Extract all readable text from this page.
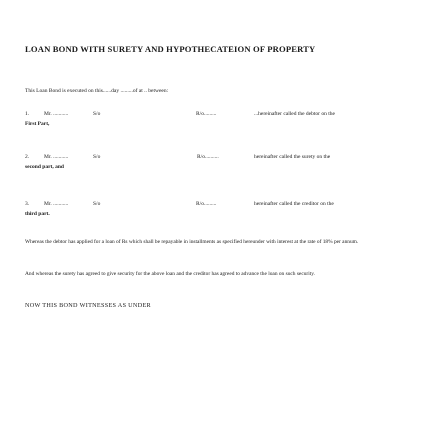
LOAN BOND WITH SURETY AND HYPOTHECATEION OF PROPERTY
This Loan Bond is executed on this......day .........of at .. between:
1.	Mr. ...........	S/o	R/o.........	...hereinafter called the debtor on the
First Part,
2.	Mr. ...........	S/o	R/o..........	hereinafter called the surety on the
second part, and
3.	Mr. ...........	S/o	R/o.........	hereinafter called the creditor on the
third part.
Whereas the debtor has applied for a loan of Rs which shall be repayable in installments as specified hereunder with interest at the rate of 18% per annum.
And whereas the surety has agreed to give security for the above loan and the creditor has agreed to advance the loan on such security.
NOW THIS BOND WITNESSES AS UNDER
